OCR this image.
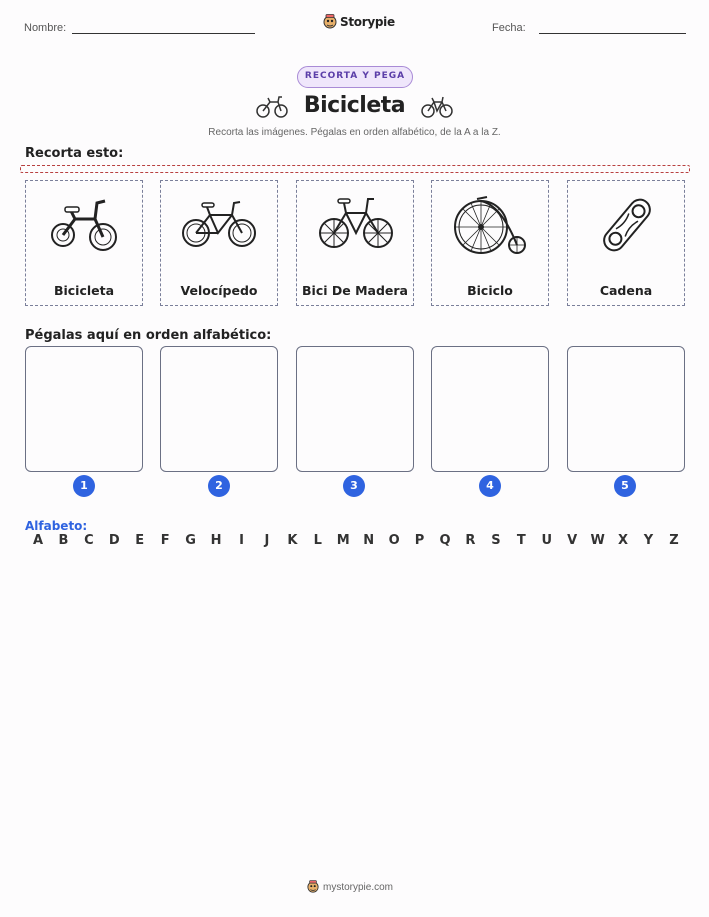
Nombre:	Storypie	Fecha:
RECORTA Y PEGA
Bicicleta
Recorta las imágenes. Pégalas en orden alfabético, de la A a la Z.
Recorta esto:
Bicicleta	Velocípedo	Bici De Madera	Biciclo	Cadena
Pégalas aquí en orden alfabético:
1	2	3	4	5
Alfabeto:
A	B	C	D	E	F	G	H	I	J	K	L	M	N	O	P	Q	R	S	T	U	V	W	X	Y	Z
mystorypie.com
